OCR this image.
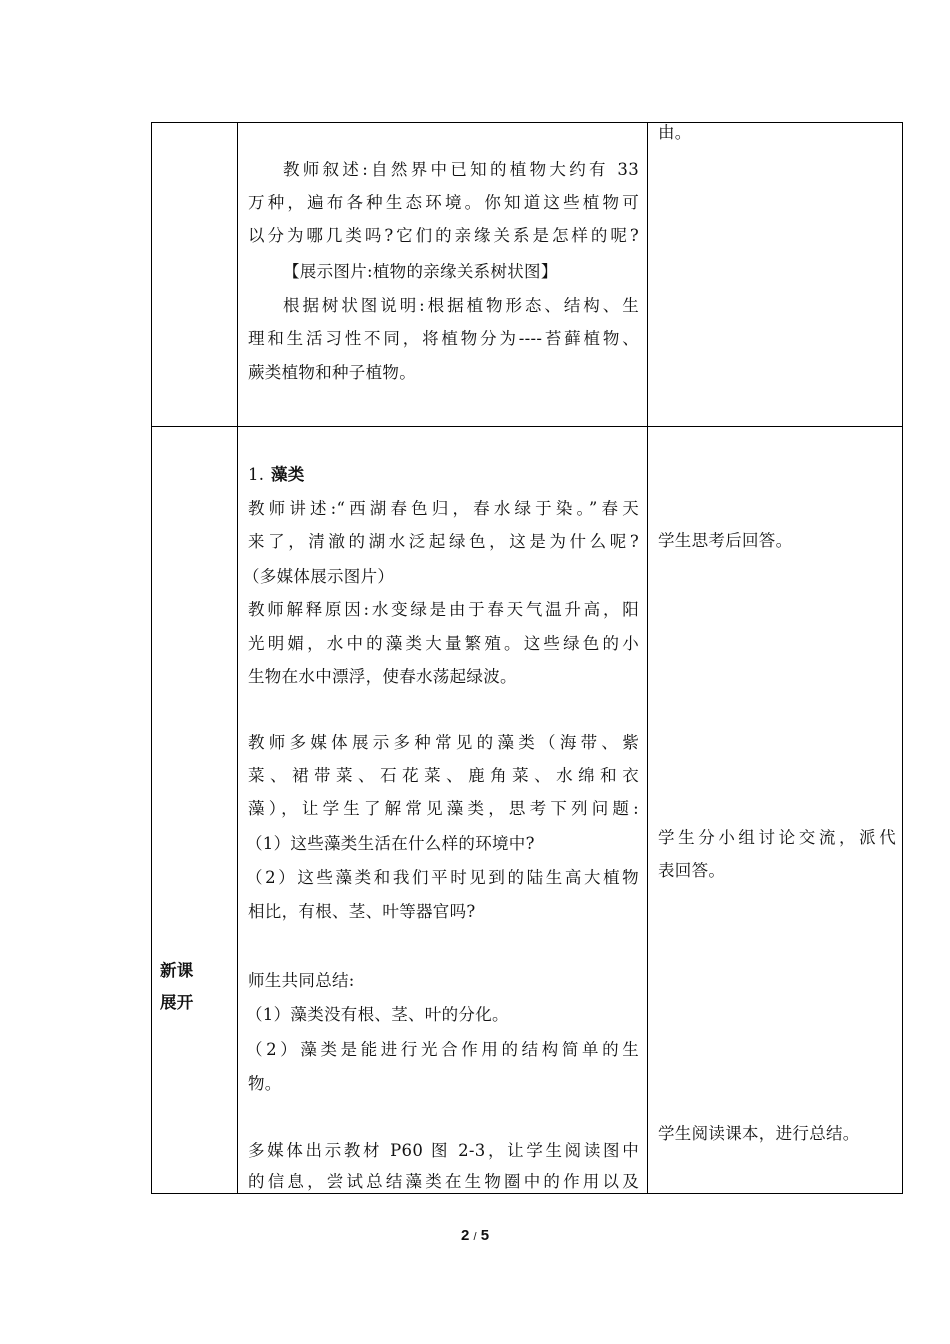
由。
学生思考后回答。
学生分小组讨论交流，派代
表回答。
学生阅读课本，进行总结。
新课
展开
教师叙述:自然界中已知的植物大约有 33
万种，遍布各种生态环境。你知道这些植物可
以分为哪几类吗?它们的亲缘关系是怎样的呢?
【展示图片:植物的亲缘关系树状图】
根据树状图说明:根据植物形态、结构、生
理和生活习性不同，将植物分为----苔藓植物、
蕨类植物和种子植物。
1. 藻类
教师讲述:“西湖春色归，春水绿于染。”春天
来了，清澈的湖水泛起绿色，这是为什么呢?
（多媒体展示图片）
教师解释原因:水变绿是由于春天气温升高，阳
光明媚，水中的藻类大量繁殖。这些绿色的小
生物在水中漂浮，使春水荡起绿波。
教师多媒体展示多种常见的藻类（海带、紫
菜、裙带菜、石花菜、鹿角菜、水绵和衣
藻），让学生了解常见藻类，思考下列问题:
（1）这些藻类生活在什么样的环境中?
（2）这些藻类和我们平时见到的陆生高大植物
相比，有根、茎、叶等器官吗?
师生共同总结:
（1）藻类没有根、茎、叶的分化。
（2）藻类是能进行光合作用的结构简单的生
物。
多媒体出示教材 P60 图 2-3，让学生阅读图中
的信息，尝试总结藻类在生物圈中的作用以及
2 / 5
